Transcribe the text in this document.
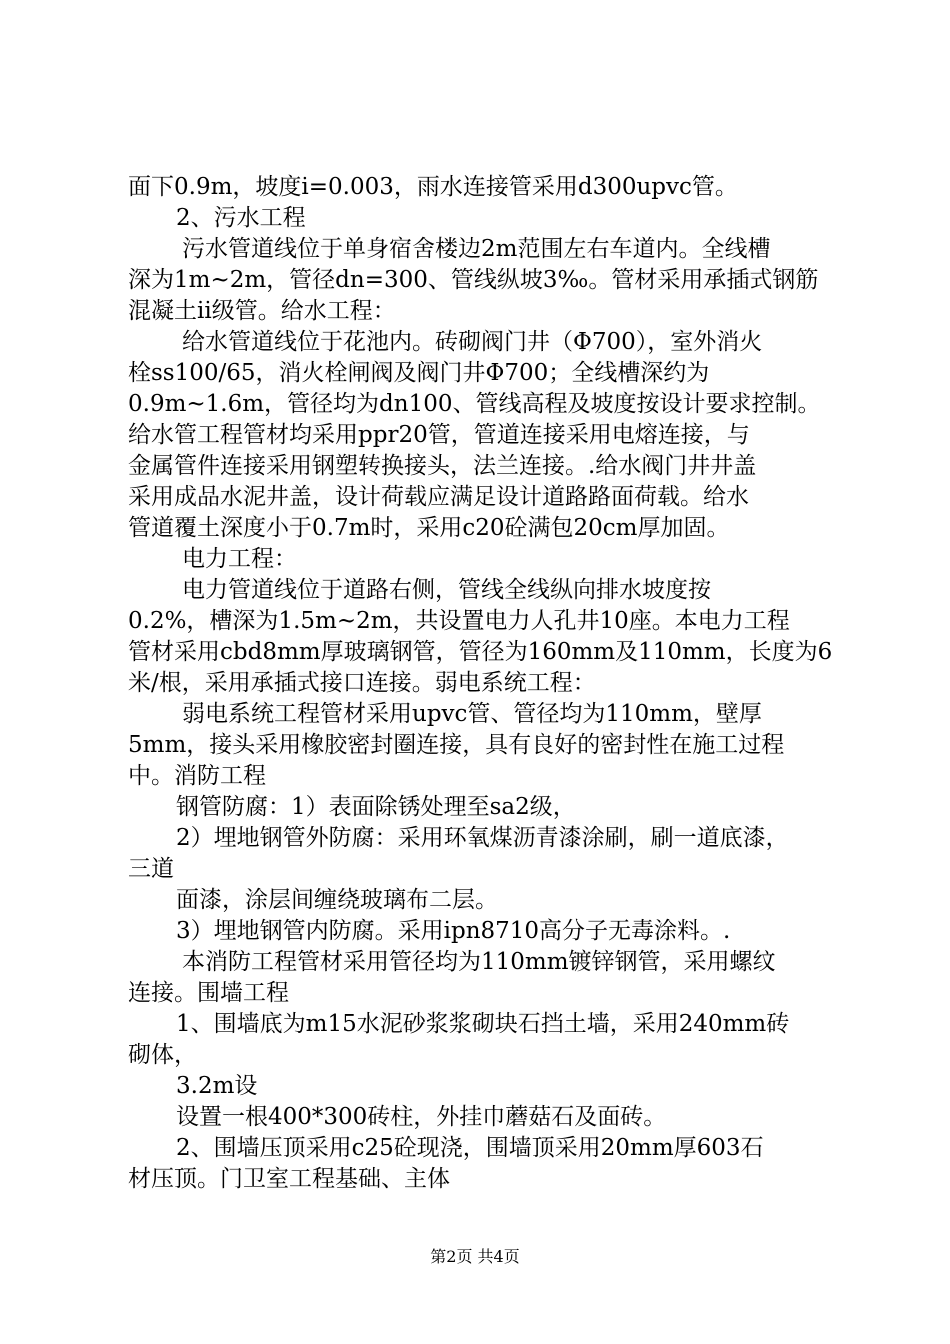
面下0.9m，坡度i=0.003，雨水连接管采用d300upvc管。
2、污水工程
污水管道线位于单身宿舍楼边2m范围左右车道内。全线槽
深为1m~2m，管径dn=300、管线纵坡3‰。管材采用承插式钢筋
混凝土ii级管。给水工程：
给水管道线位于花池内。砖砌阀门井（Φ700），室外消火
栓ss100/65，消火栓闸阀及阀门井Φ700；全线槽深约为
0.9m~1.6m，管径均为dn100、管线高程及坡度按设计要求控制。
给水管工程管材均采用ppr20管，管道连接采用电熔连接，与
金属管件连接采用钢塑转换接头，法兰连接。.给水阀门井井盖
采用成品水泥井盖，设计荷载应满足设计道路路面荷载。给水
管道覆土深度小于0.7m时，采用c20砼满包20cm厚加固。
电力工程：
电力管道线位于道路右侧，管线全线纵向排水坡度按
0.2%，槽深为1.5m~2m，共设置电力人孔井10座。本电力工程
管材采用cbd8mm厚玻璃钢管，管径为160mm及110mm，长度为6
米/根，采用承插式接口连接。弱电系统工程：
弱电系统工程管材采用upvc管、管径均为110mm，壁厚
5mm，接头采用橡胶密封圈连接，具有良好的密封性在施工过程
中。消防工程
钢管防腐：1）表面除锈处理至sa2级，
2）埋地钢管外防腐：采用环氧煤沥青漆涂刷，刷一道底漆，
三道
面漆，涂层间缠绕玻璃布二层。
3）埋地钢管内防腐。采用ipn8710高分子无毒涂料。.
本消防工程管材采用管径均为110mm镀锌钢管，采用螺纹
连接。围墙工程
1、围墙底为m15水泥砂浆浆砌块石挡土墙，采用240mm砖
砌体，
3.2m设
设置一根400*300砖柱，外挂巾蘑菇石及面砖。
2、围墙压顶采用c25砼现浇，围墙顶采用20mm厚603石
材压顶。门卫室工程基础、主体
第2页 共4页
